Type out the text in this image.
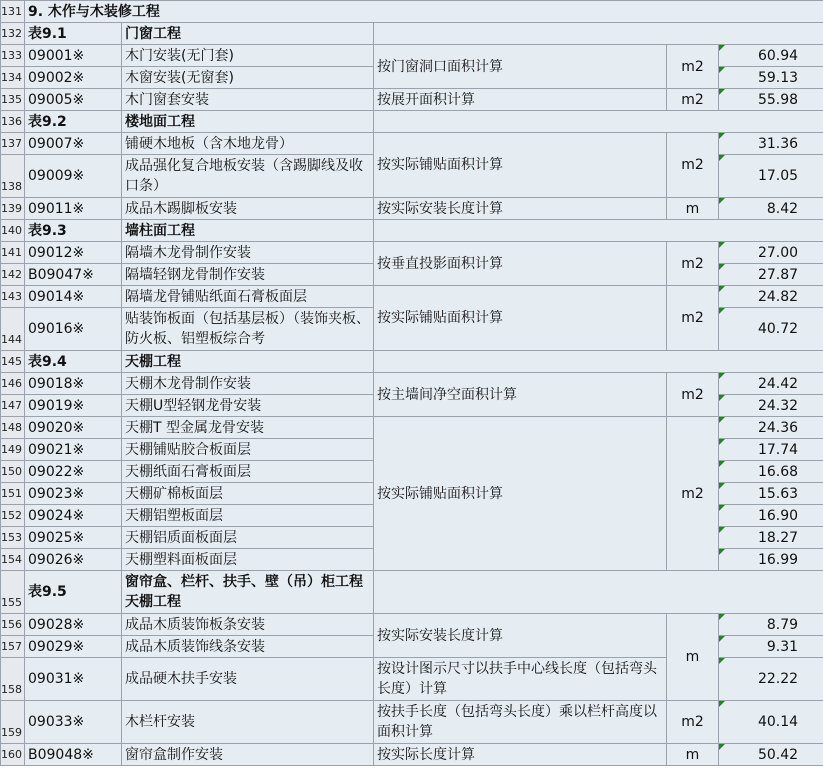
131	9. 木作与木装修工程				
132	表9.1	门窗工程			
133	09001※	木门安装(无门套)	按门窗洞口面积计算	m2	60.94
134	09002※	木窗安装(无窗套)			59.13
135	09005※	木门窗套安装	按展开面积计算	m2	55.98
136	表9.2	楼地面工程			
137	09007※	铺硬木地板（含木地龙骨）	按实际铺贴面积计算	m2	31.36
138	09009※	成品强化复合地板安装（含踢脚线及收口条）			17.05
139	09011※	成品木踢脚板安装	按实际安装长度计算	m	8.42
140	表9.3	墙柱面工程			
141	09012※	隔墙木龙骨制作安装	按垂直投影面积计算	m2	27.00
142	B09047※	隔墙轻钢龙骨制作安装			27.87
143	09014※	隔墙龙骨铺贴纸面石膏板面层	按实际铺贴面积计算	m2	24.82
144	09016※	贴装饰板面（包括基层板）（装饰夹板、防火板、铝塑板综合考			40.72
145	表9.4	天棚工程			
146	09018※	天棚木龙骨制作安装	按主墙间净空面积计算	m2	24.42
147	09019※	天棚U型轻钢龙骨安装			24.32
148	09020※	天棚T 型金属龙骨安装	按实际铺贴面积计算	m2	24.36
149	09021※	天棚铺贴胶合板面层			17.74
150	09022※	天棚纸面石膏板面层			16.68
151	09023※	天棚矿棉板面层			15.63
152	09024※	天棚铝塑板面层			16.90
153	09025※	天棚铝质面板面层			18.27
154	09026※	天棚塑料面板面层			16.99
155	表9.5	窗帘盒、栏杆、扶手、壁（吊）柜工程天棚工程			
156	09028※	成品木质装饰板条安装	按实际安装长度计算	m	8.79
157	09029※	成品木质装饰线条安装			9.31
158	09031※	成品硬木扶手安装	按设计图示尺寸以扶手中心线长度（包括弯头长度）计算		22.22
159	09033※	木栏杆安装	按扶手长度（包括弯头长度）乘以栏杆高度以面积计算	m2	40.14
160	B09048※	窗帘盒制作安装	按实际长度计算	m	50.42
